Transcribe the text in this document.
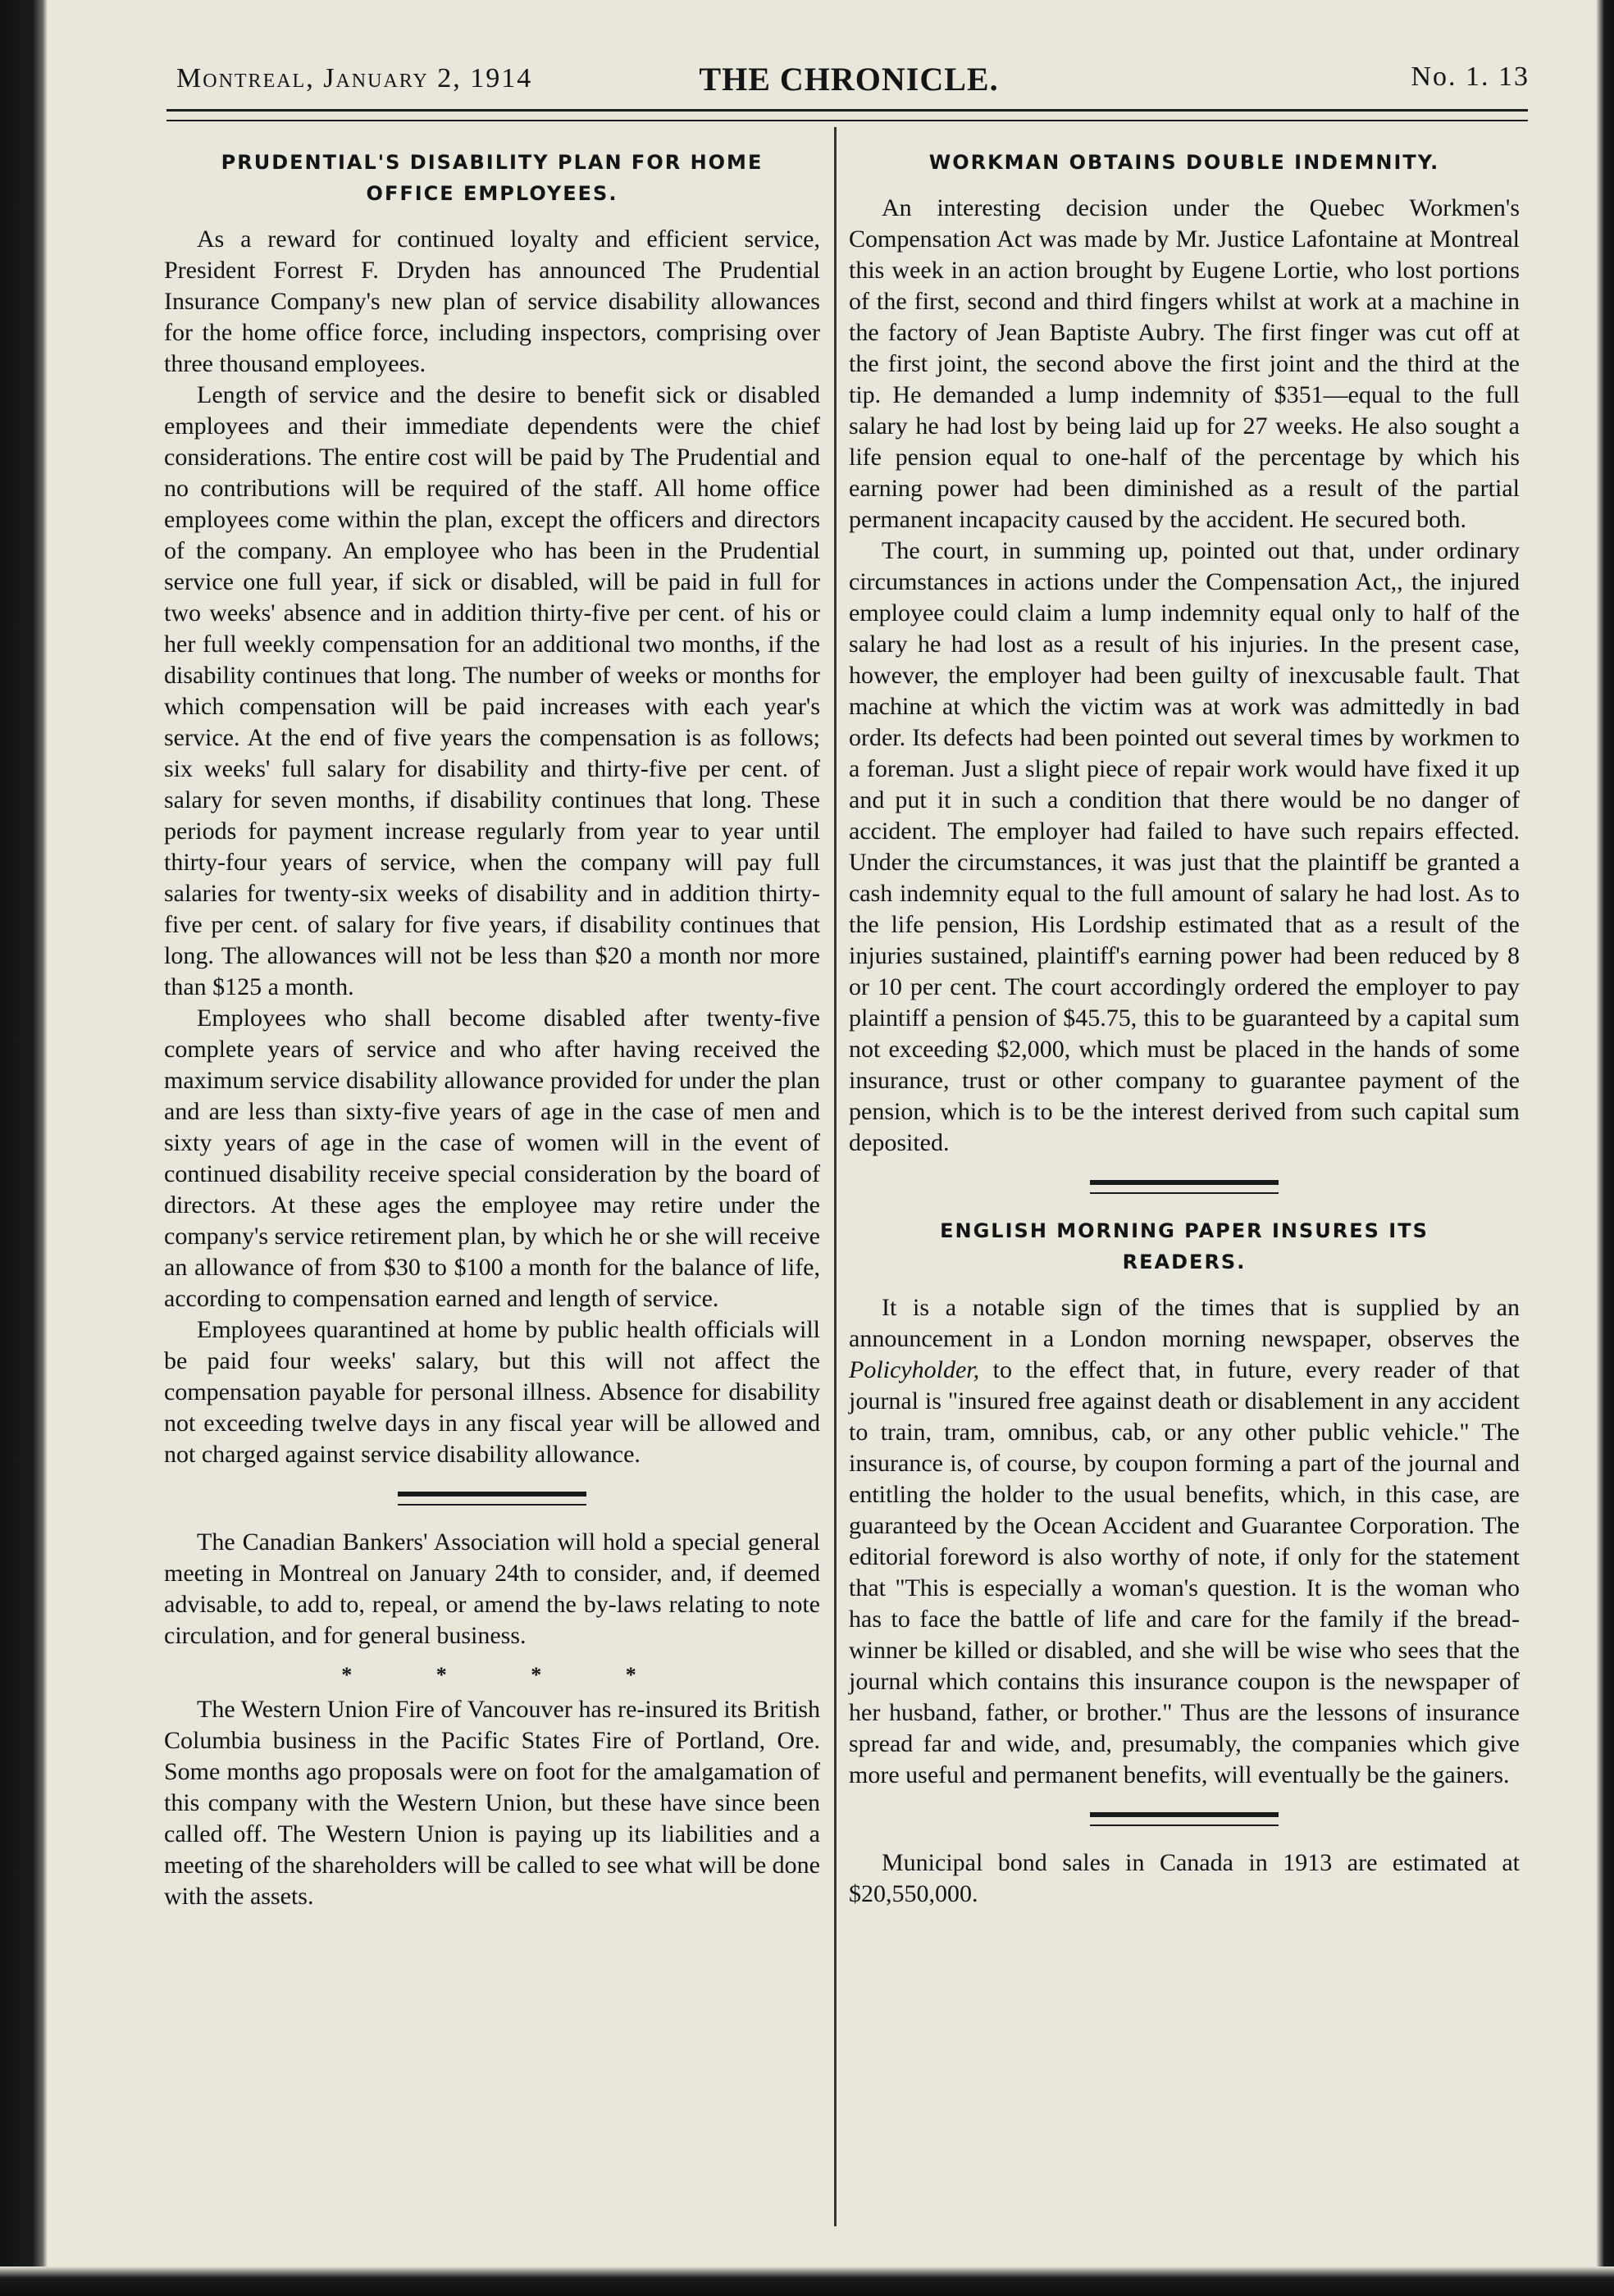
Montreal, January 2, 1914	THE CHRONICLE.	No. 1. 13
PRUDENTIAL'S DISABILITY PLAN FOR HOME
OFFICE EMPLOYEES.

As a reward for continued loyalty and efficient service, President Forrest F. Dryden has announced The Prudential Insurance Company's new plan of service disability allowances for the home office force, including inspectors, comprising over three thousand employees.

Length of service and the desire to benefit sick or disabled employees and their immediate dependents were the chief considerations. The entire cost will be paid by The Prudential and no contributions will be required of the staff. All home office employees come within the plan, except the officers and directors of the company. An employee who has been in the Prudential service one full year, if sick or disabled, will be paid in full for two weeks' absence and in addition thirty-five per cent. of his or her full weekly compensation for an additional two months, if the disability continues that long. The number of weeks or months for which compensation will be paid increases with each year's service. At the end of five years the compensation is as follows; six weeks' full salary for disability and thirty-five per cent. of salary for seven months, if disability continues that long. These periods for payment increase regularly from year to year until thirty-four years of service, when the company will pay full salaries for twenty-six weeks of disability and in addition thirty-five per cent. of salary for five years, if disability continues that long. The allowances will not be less than $20 a month nor more than $125 a month.

Employees who shall become disabled after twenty-five complete years of service and who after having received the maximum service disability allowance provided for under the plan and are less than sixty-five years of age in the case of men and sixty years of age in the case of women will in the event of continued disability receive special consideration by the board of directors. At these ages the employee may retire under the company's service retirement plan, by which he or she will receive an allowance of from $30 to $100 a month for the balance of life, according to compensation earned and length of service.

Employees quarantined at home by public health officials will be paid four weeks' salary, but this will not affect the compensation payable for personal illness. Absence for disability not exceeding twelve days in any fiscal year will be allowed and not charged against service disability allowance.

The Canadian Bankers' Association will hold a special general meeting in Montreal on January 24th to consider, and, if deemed advisable, to add to, repeal, or amend the by-laws relating to note circulation, and for general business.

* * * *

The Western Union Fire of Vancouver has re-insured its British Columbia business in the Pacific States Fire of Portland, Ore. Some months ago proposals were on foot for the amalgamation of this company with the Western Union, but these have since been called off. The Western Union is paying up its liabilities and a meeting of the shareholders will be called to see what will be done with the assets.

WORKMAN OBTAINS DOUBLE INDEMNITY.

An interesting decision under the Quebec Workmen's Compensation Act was made by Mr. Justice Lafontaine at Montreal this week in an action brought by Eugene Lortie, who lost portions of the first, second and third fingers whilst at work at a machine in the factory of Jean Baptiste Aubry. The first finger was cut off at the first joint, the second above the first joint and the third at the tip. He demanded a lump indemnity of $351—equal to the full salary he had lost by being laid up for 27 weeks. He also sought a life pension equal to one-half of the percentage by which his earning power had been diminished as a result of the partial permanent incapacity caused by the accident. He secured both.

The court, in summing up, pointed out that, under ordinary circumstances in actions under the Compensation Act,, the injured employee could claim a lump indemnity equal only to half of the salary he had lost as a result of his injuries. In the present case, however, the employer had been guilty of inexcusable fault. That machine at which the victim was at work was admittedly in bad order. Its defects had been pointed out several times by workmen to a foreman. Just a slight piece of repair work would have fixed it up and put it in such a condition that there would be no danger of accident. The employer had failed to have such repairs effected. Under the circumstances, it was just that the plaintiff be granted a cash indemnity equal to the full amount of salary he had lost. As to the life pension, His Lordship estimated that as a result of the injuries sustained, plaintiff's earning power had been reduced by 8 or 10 per cent. The court accordingly ordered the employer to pay plaintiff a pension of $45.75, this to be guaranteed by a capital sum not exceeding $2,000, which must be placed in the hands of some insurance, trust or other company to guarantee payment of the pension, which is to be the interest derived from such capital sum deposited.

ENGLISH MORNING PAPER INSURES ITS
READERS.

It is a notable sign of the times that is supplied by an announcement in a London morning newspaper, observes the Policyholder, to the effect that, in future, every reader of that journal is "insured free against death or disablement in any accident to train, tram, omnibus, cab, or any other public vehicle." The insurance is, of course, by coupon forming a part of the journal and entitling the holder to the usual benefits, which, in this case, are guaranteed by the Ocean Accident and Guarantee Corporation. The editorial foreword is also worthy of note, if only for the statement that "This is especially a woman's question. It is the woman who has to face the battle of life and care for the family if the bread-winner be killed or disabled, and she will be wise who sees that the journal which contains this insurance coupon is the newspaper of her husband, father, or brother." Thus are the lessons of insurance spread far and wide, and, presumably, the companies which give more useful and permanent benefits, will eventually be the gainers.

Municipal bond sales in Canada in 1913 are estimated at $20,550,000.
